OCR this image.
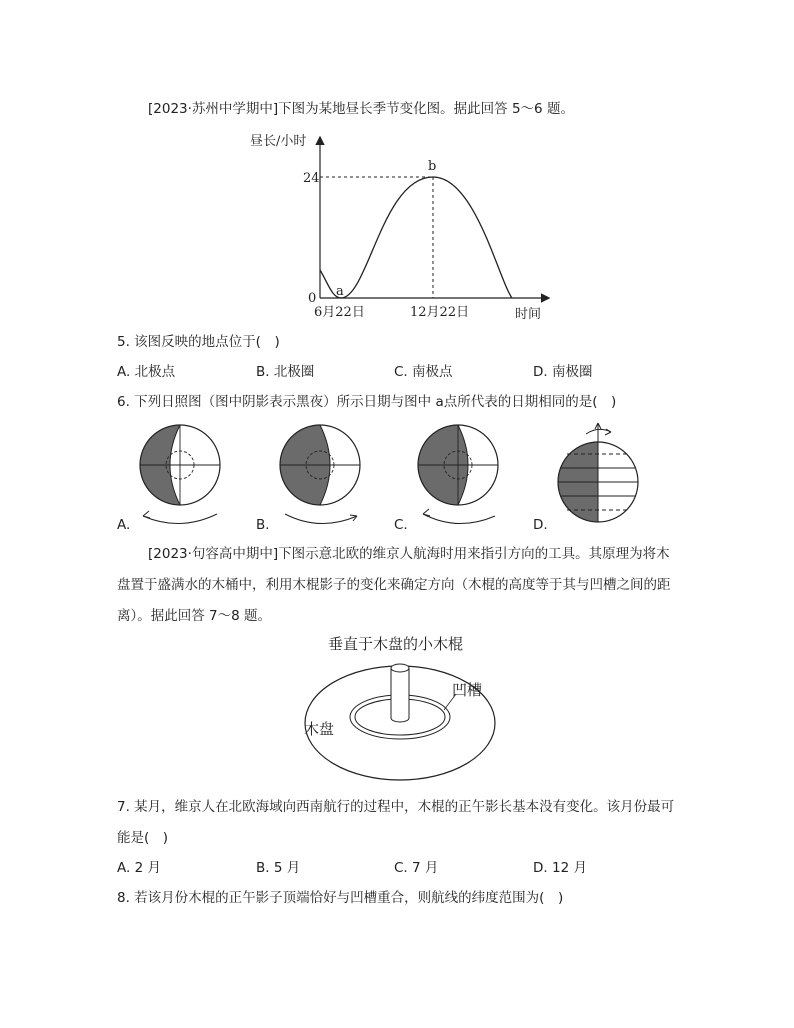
[2023·苏州中学期中]下图为某地昼长季节变化图。据此回答 5～6 题。
昼长/小时
24
0 a
b
6月22日	12月22日	时间
5. 该图反映的地点位于(　)
A. 北极点	B. 北极圈	C. 南极点	D. 南极圈
6. 下列日照图（图中阴影表示黑夜）所示日期与图中 a点所代表的日期相同的是(　)
A.	B.	C.	D.
[2023·句容高中期中]下图示意北欧的维京人航海时用来指引方向的工具。其原理为将木
盘置于盛满水的木桶中，利用木棍影子的变化来确定方向（木棍的高度等于其与凹槽之间的距
离）。据此回答 7～8 题。
垂直于木盘的小木棍
木盘
凹槽
7. 某月，维京人在北欧海域向西南航行的过程中，木棍的正午影长基本没有变化。该月份最可
能是(　)
A. 2 月	B. 5 月	C. 7 月	D. 12 月
8. 若该月份木棍的正午影子顶端恰好与凹槽重合，则航线的纬度范围为(　)
